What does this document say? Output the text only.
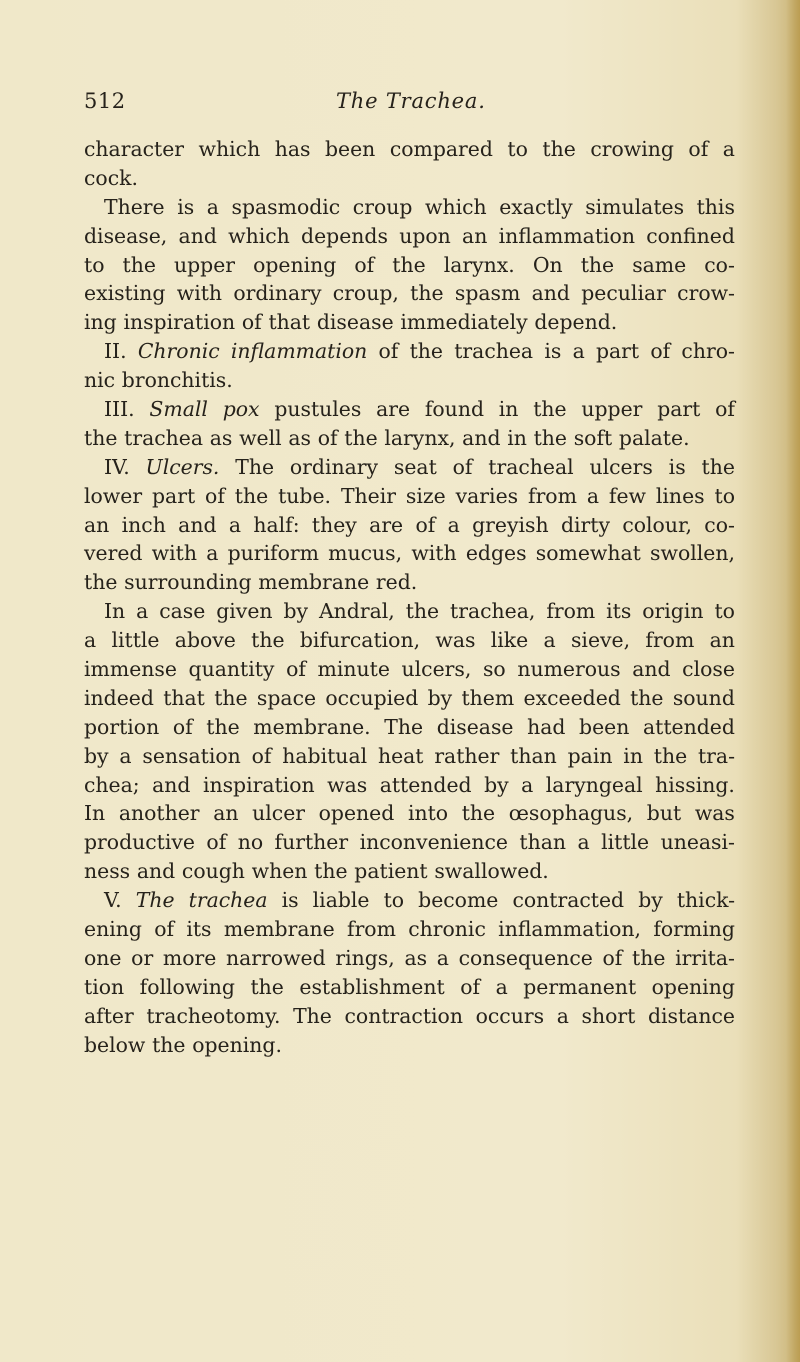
512	The Trachea.
character which has been compared to the crowing of a
cock.
There is a spasmodic croup which exactly simulates this
disease, and which depends upon an inflammation confined
to the upper opening of the larynx. On the same co-
existing with ordinary croup, the spasm and peculiar crow-
ing inspiration of that disease immediately depend.
II. Chronic inflammation of the trachea is a part of chro-
nic bronchitis.
III. Small pox pustules are found in the upper part of
the trachea as well as of the larynx, and in the soft palate.
IV. Ulcers. The ordinary seat of tracheal ulcers is the
lower part of the tube. Their size varies from a few lines to
an inch and a half: they are of a greyish dirty colour, co-
vered with a puriform mucus, with edges somewhat swollen,
the surrounding membrane red.
In a case given by Andral, the trachea, from its origin to
a little above the bifurcation, was like a sieve, from an
immense quantity of minute ulcers, so numerous and close
indeed that the space occupied by them exceeded the sound
portion of the membrane. The disease had been attended
by a sensation of habitual heat rather than pain in the tra-
chea; and inspiration was attended by a laryngeal hissing.
In another an ulcer opened into the œsophagus, but was
productive of no further inconvenience than a little uneasi-
ness and cough when the patient swallowed.
V. The trachea is liable to become contracted by thick-
ening of its membrane from chronic inflammation, forming
one or more narrowed rings, as a consequence of the irrita-
tion following the establishment of a permanent opening
after tracheotomy. The contraction occurs a short distance
below the opening.
